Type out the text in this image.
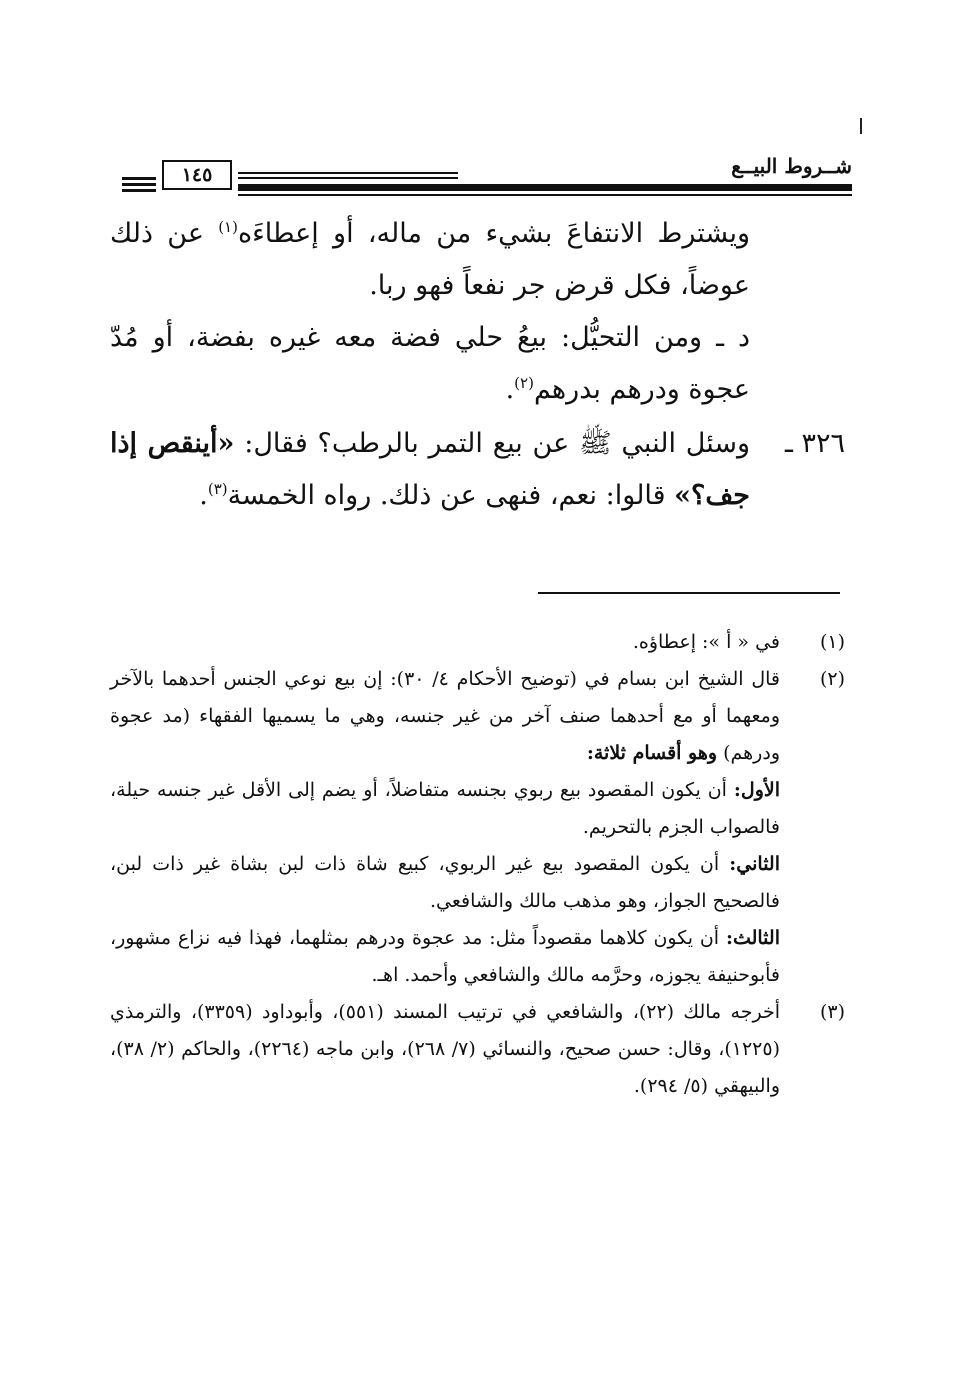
شــروط البيــع
١٤٥

ويشترط الانتفاعَ بشيء من ماله، أو إعطاءَه$^{(١)}$ عن ذلك عوضاً، فكل قرض جر نفعاً فهو ربا.

د ـ ومن التحيُّل: بيعُ حلي فضة معه غيره بفضة، أو مُدّ عجوة ودرهم بدرهم$^{(٢)}$.

٣٢٦ ـ
وسئل النبي ﷺ عن بيع التمر بالرطب؟ فقال: «أينقص إذا جف؟» قالوا: نعم، فنهى عن ذلك. رواه الخمسة$^{(٣)}$.
(١)

في « أ »: إعطاؤه.

(٢)

قال الشيخ ابن بسام في (توضيح الأحكام ٤/ ٣٠): إن بيع نوعي الجنس أحدهما بالآخر ومعهما أو مع أحدهما صنف آخر من غير جنسه، وهي ما يسميها الفقهاء (مد عجوة ودرهم) وهو أقسام ثلاثة:

الأول: أن يكون المقصود بيع ربوي بجنسه متفاضلاً، أو يضم إلى الأقل غير جنسه حيلة، فالصواب الجزم بالتحريم.

الثاني: أن يكون المقصود بيع غير الربوي، كبيع شاة ذات لبن بشاة غير ذات لبن، فالصحيح الجواز، وهو مذهب مالك والشافعي.

الثالث: أن يكون كلاهما مقصوداً مثل: مد عجوة ودرهم بمثلهما، فهذا فيه نزاع مشهور، فأبوحنيفة يجوزه، وحرَّمه مالك والشافعي وأحمد. اهـ.

(٣)

أخرجه مالك (٢٢)، والشافعي في ترتيب المسند (٥٥١)، وأبوداود (٣٣٥٩)، والترمذي (١٢٢٥)، وقال: حسن صحيح، والنسائي (٧/ ٢٦٨)، وابن ماجه (٢٢٦٤)، والحاكم (٢/ ٣٨)، والبيهقي (٥/ ٢٩٤).
